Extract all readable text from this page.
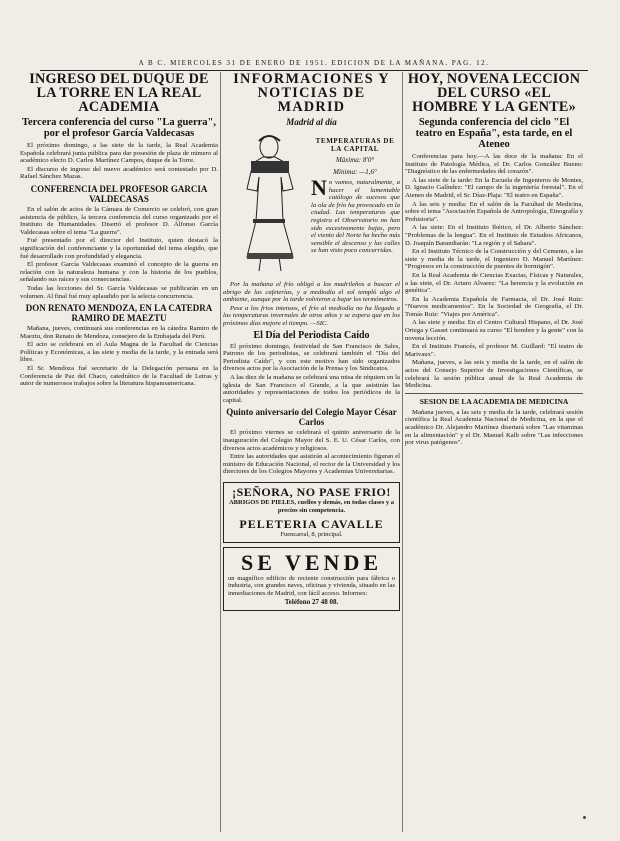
A B C. MIERCOLES 31 DE ENERO DE 1951. EDICION DE LA MAÑANA. PAG. 12.
INGRESO DEL DUQUE DE LA TORRE EN LA REAL ACADEMIA
Tercera conferencia del curso "La guerra", por el profesor García Valdecasas

El próximo domingo, a las siete de la tarde, la Real Academia Española celebrará junta pública para dar posesión de plaza de número al académico electo D. Carlos Martínez Campos, duque de la Torre.

El discurso de ingreso del nuevo académico será contestado por D. Rafael Sánchez Mazas.

CONFERENCIA DEL PROFESOR GARCIA VALDECASAS

En el salón de actos de la Cámara de Comercio se celebró, con gran asistencia de público, la tercera conferencia del curso organizado por el Instituto de Humanidades. Disertó el profesor D. Alfonso García Valdecasas sobre el tema "La guerra".

Fué presentado por el director del Instituto, quien destacó la significación del conferenciante y la oportunidad del tema elegido, que fué desarrollado con profundidad y elegancia.

El profesor García Valdecasas examinó el concepto de la guerra en relación con la naturaleza humana y con la historia de los pueblos, señalando sus raíces y sus consecuencias.

Todas las lecciones del Sr. García Valdecasas se publicarán en un volumen. Al final fué muy aplaudido por la selecta concurrencia.

DON RENATO MENDOZA, EN LA CATEDRA RAMIRO DE MAEZTU

Mañana, jueves, continuará sus conferencias en la cátedra Ramiro de Maeztu, don Renato de Mendoza, consejero de la Embajada del Perú.

El acto se celebrará en el Aula Magna de la Facultad de Ciencias Políticas y Económicas, a las siete y media de la tarde, y la entrada será libre.

El Sr. Mendoza fué secretario de la Delegación peruana en la Conferencia de Paz del Chaco, catedrático de la Facultad de Letras y autor de numerosos trabajos sobre la literatura hispanoamericana.

INFORMACIONES Y NOTICIAS DE MADRID
Madrid al día
TEMPERATURAS DE LA CAPITAL
Máxima: 8'0°
Mínima: —1,6°
N o vamos, naturalmente, a hacer el lamentable catálogo de sucesos que la ola de frío ha provocado en la ciudad. Las temperaturas que registra el Observatorio no han sido excesivamente bajas, pero el viento del Norte ha hecho más sensible el descenso y las calles se han visto poco concurridas.

Por la mañana el frío obligó a los madrileños a buscar el abrigo de las cafeterías, y a mediodía el sol templó algo el ambiente, aunque por la tarde volvieron a bajar los termómetros.

Pese a los frios intensos, el frío al mediodía no ha llegado a las temperaturas invernales de otros años y se espera que en los próximos días mejore el tiempo. —SIC.

El Día del Periodista Caído

El próximo domingo, festividad de San Francisco de Sales, Patrono de los periodistas, se celebrará también el "Día del Periodista Caído", y con este motivo han sido organizados diversos actos por la Asociación de la Prensa y los Sindicatos.

A las diez de la mañana se celebrará una misa de réquiem en la iglesia de San Francisco el Grande, a la que asistirán las autoridades y representaciones de todos los periódicos de la capital.

Quinto aniversario del Colegio Mayor César Carlos

El próximo viernes se celebrará el quinto aniversario de la inauguración del Colegio Mayor del S. E. U. César Carlos, con diversos actos académicos y religiosos.

Entre las autoridades que asistirán al acontecimiento figuran el ministro de Educación Nacional, el rector de la Universidad y los directores de los Colegios Mayores y Academias Universitarias.

¡SEÑORA, NO PASE FRIO!
ABRIGOS DE PIELES, cuellos y demás, en todas clases y a precios sin competencia.
PELETERIA CAVALLE
Fuencarral, 8, principal.
SE VENDE
un magnífico edificio de reciente construcción para fábrica o industria, con grandes naves, oficinas y vivienda, situado en las inmediaciones de Madrid, con fácil acceso. Informes:
Teléfono 27 48 08.
HOY, NOVENA LECCION DEL CURSO «EL HOMBRE Y LA GENTE»
Segunda conferencia del ciclo "El teatro en España", esta tarde, en el Ateneo

Conferencias para hoy.—A las doce de la mañana: En el Instituto de Patología Médica, el Dr. Carlos González Bueno: "Diagnóstico de las enfermedades del corazón".

A las siete de la tarde: En la Escuela de Ingenieros de Montes, D. Ignacio Galíndez: "El campo de la ingeniería forestal". En el Ateneo de Madrid, el Sr. Díaz-Plaja: "El teatro en España".

A las seis y media: En el salón de la Facultad de Medicina, sobre el tema "Asociación Española de Antropología, Etnografía y Prehistoria".

A las siete: En el Instituto Ibérico, el Dr. Alberto Sánchez: "Problemas de la lengua". En el Instituto de Estudios Africanos, D. Joaquín Barandiarán: "La región y el Sahara".

En el Instituto Técnico de la Construcción y del Cemento, a las siete y media de la tarde, el Ingeniero D. Manuel Martínez: "Progresos en la construcción de puentes de hormigón".

En la Real Academia de Ciencias Exactas, Físicas y Naturales, a las siete, el Dr. Arturo Alvarez: "La herencia y la evolución en genética".

En la Academia Española de Farmacia, el Dr. José Ruiz: "Nuevos medicamentos". En la Sociedad de Geografía, el Dr. Tomás Ruiz: "Viajes por América".

A las siete y media: En el Centro Cultural Hispano, el Dr. José Ortega y Gasset continuará su curso "El hombre y la gente" con la novena lección.

En el Instituto Francés, el profesor M. Guillard: "El teatro de Marivaux".

Mañana, jueves, a las seis y media de la tarde, en el salón de actos del Consejo Superior de Investigaciones Científicas, se celebrará la sesión pública anual de la Real Academia de Medicina.

SESION DE LA ACADEMIA DE MEDICINA

Mañana jueves, a las seis y media de la tarde, celebrará sesión científica la Real Academia Nacional de Medicina, en la que el académico Dr. Alejandro Martínez disertará sobre "Las vitaminas en la alimentación" y el Dr. Manuel Kalb sobre "Las infecciones por virus patógenos".
